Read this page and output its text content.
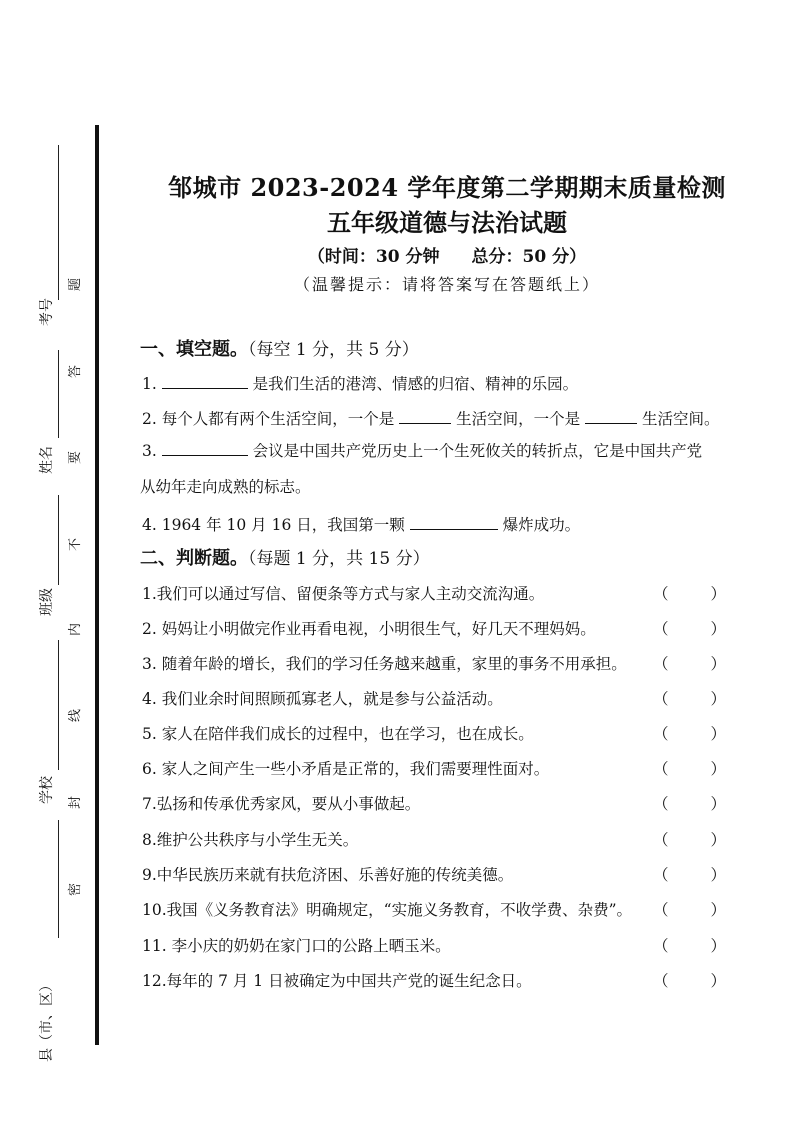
考号
姓名
班级
学校
县（市、区）
题
答
要
不
内
线
封
密
邹城市 2023-2024 学年度第二学期期末质量检测
五年级道德与法治试题
（时间：30 分钟 总分：50 分）
（温馨提示：请将答案写在答题纸上）
一、填空题。（每空 1 分，共 5 分）
1.	是我们生活的港湾、情感的归宿、精神的乐园。
2. 每个人都有两个生活空间，一个是	生活空间，一个是	生活空间。
3.	会议是中国共产党历史上一个生死攸关的转折点，它是中国共产党
从幼年走向成熟的标志。
4. 1964 年 10 月 16 日，我国第一颗	爆炸成功。
二、判断题。（每题 1 分，共 15 分）
1.我们可以通过写信、留便条等方式与家人主动交流沟通。	（	）
2. 妈妈让小明做完作业再看电视，小明很生气，好几天不理妈妈。	（	）
3. 随着年龄的增长，我们的学习任务越来越重，家里的事务不用承担。 （	）
4. 我们业余时间照顾孤寡老人，就是参与公益活动。	（	）
5. 家人在陪伴我们成长的过程中，也在学习，也在成长。	（	）
6. 家人之间产生一些小矛盾是正常的，我们需要理性面对。	（	）
7.弘扬和传承优秀家风，要从小事做起。	（	）
8.维护公共秩序与小学生无关。	（	）
9.中华民族历来就有扶危济困、乐善好施的传统美德。	（	）
10.我国《义务教育法》明确规定，“实施义务教育，不收学费、杂费”。 （	）
11. 李小庆的奶奶在家门口的公路上晒玉米。	（	）
12.每年的 7 月 1 日被确定为中国共产党的诞生纪念日。	（	）
